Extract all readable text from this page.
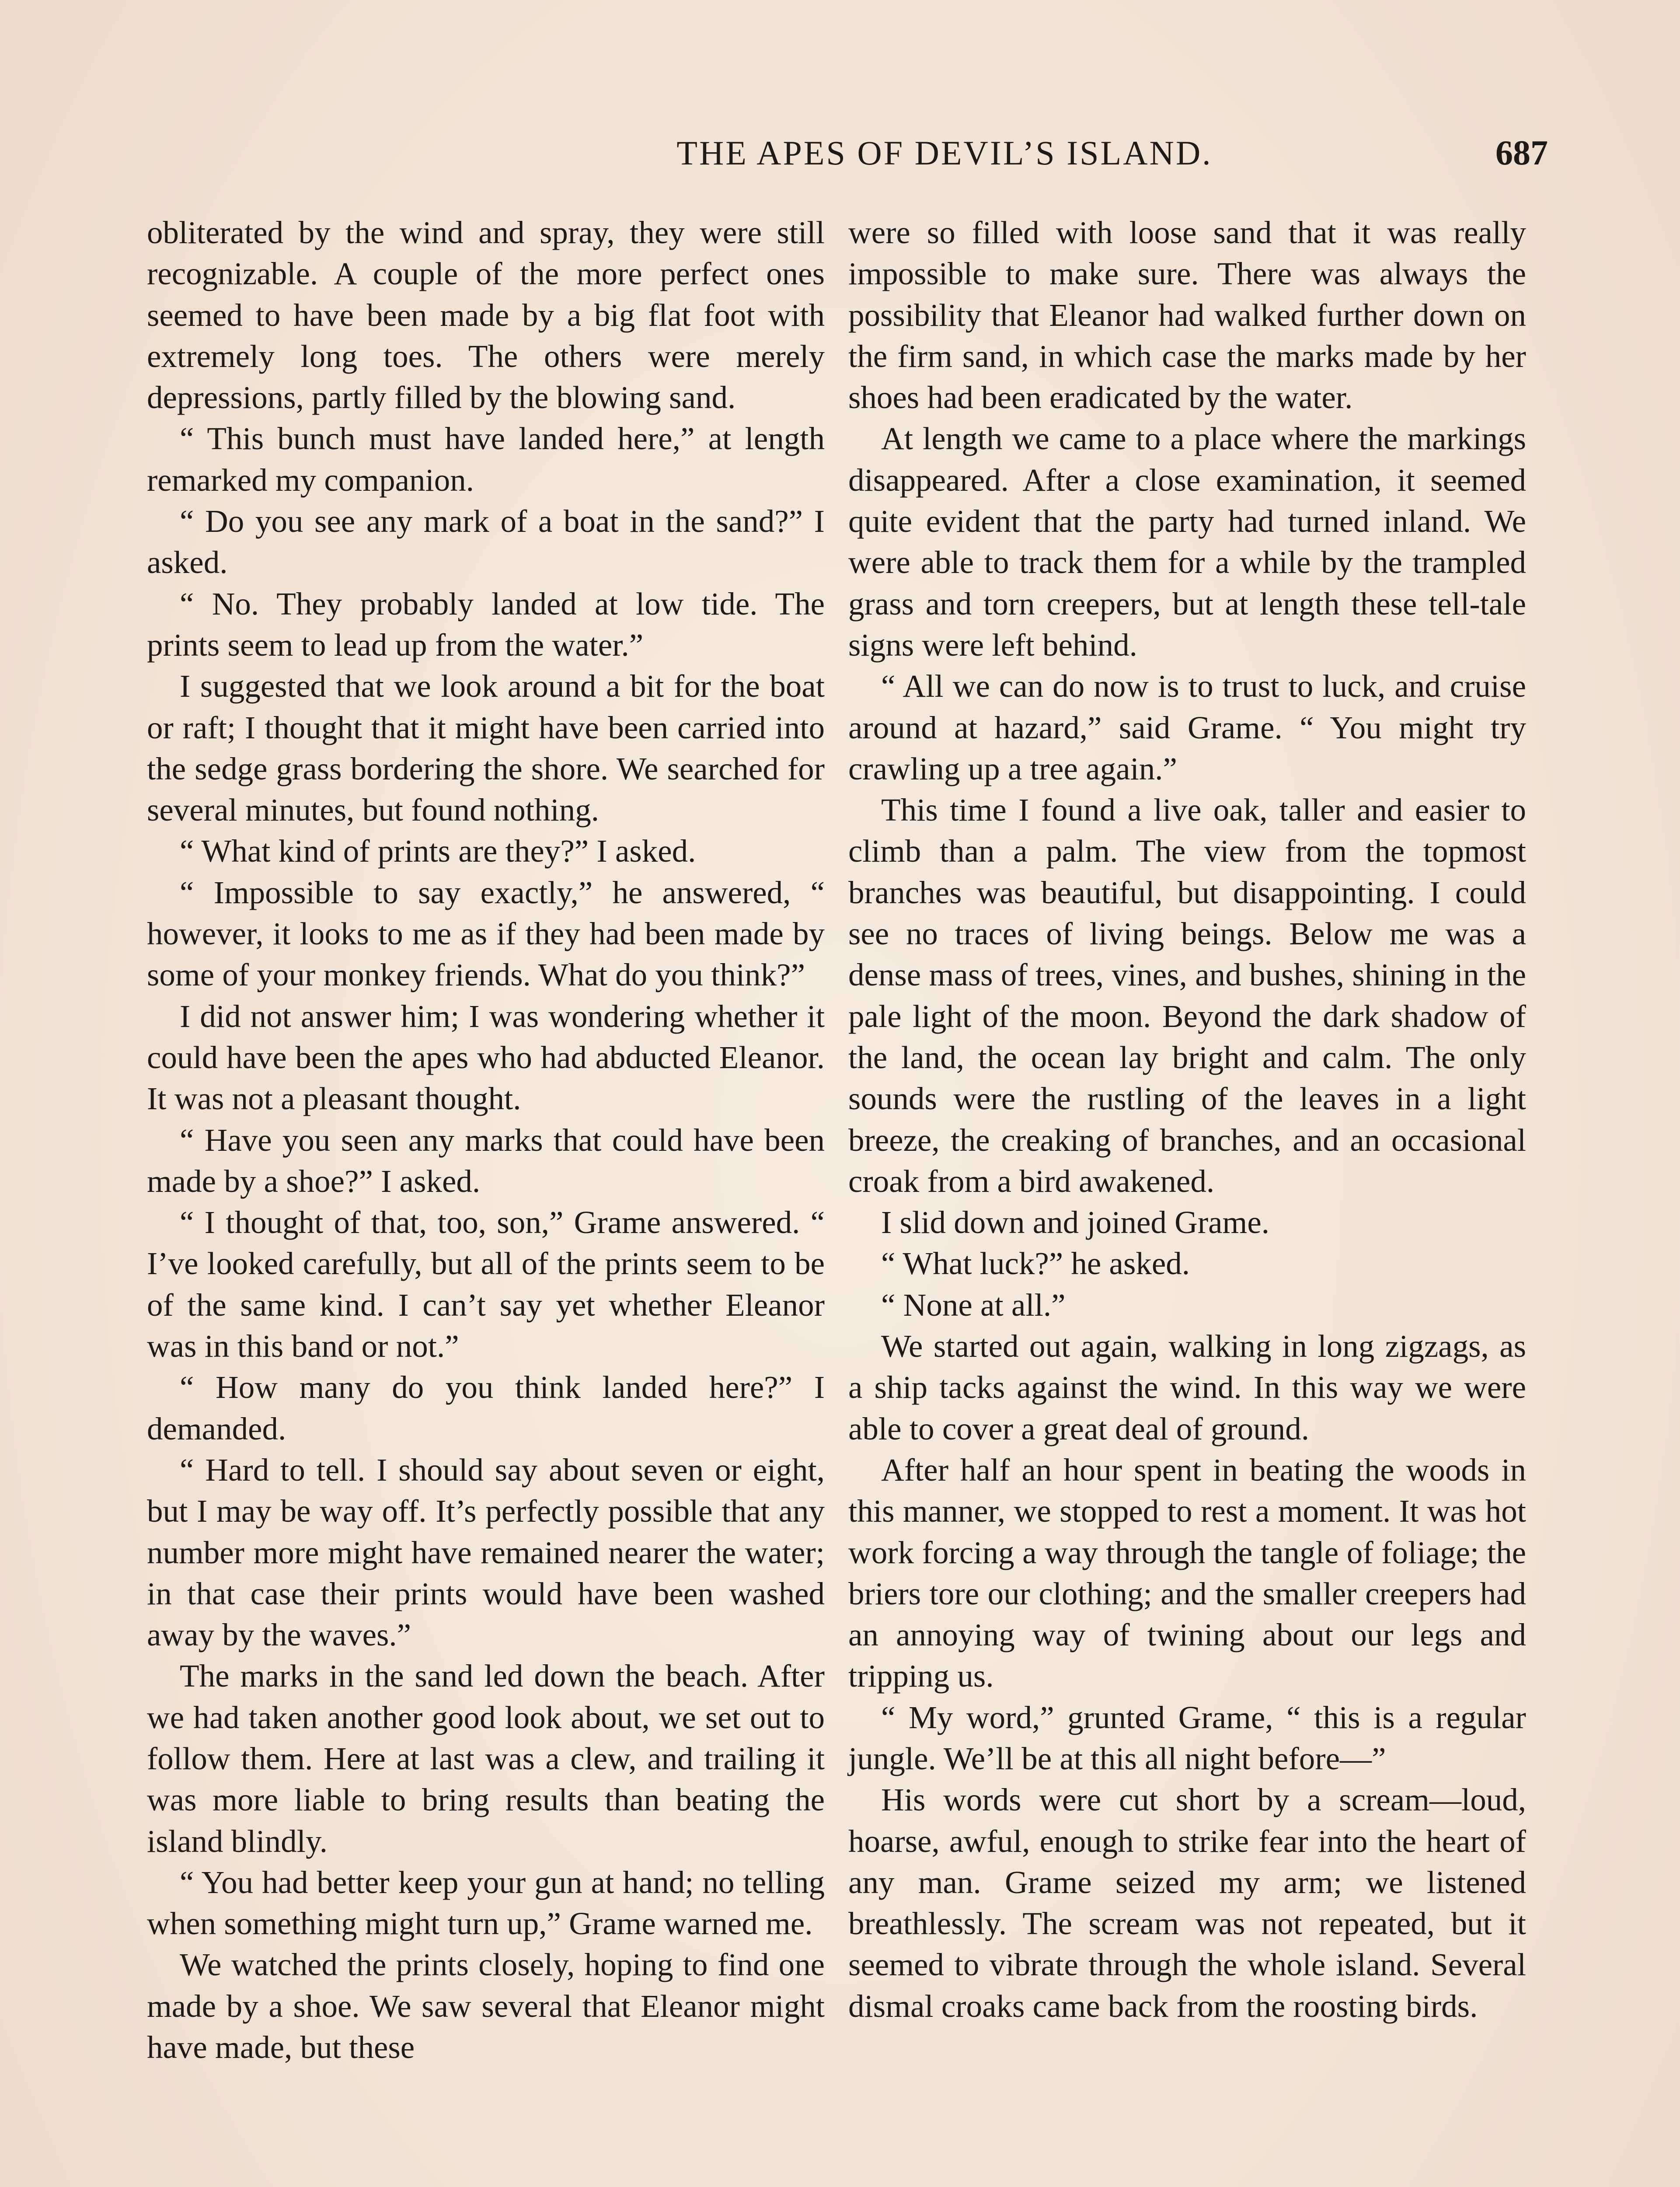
THE APES OF DEVIL’S ISLAND.	687

obliterated by the wind and spray, they were still recognizable. A couple of the more perfect ones seemed to have been made by a big flat foot with extremely long toes. The others were merely depressions, partly filled by the blowing sand.

“ This bunch must have landed here,” at length remarked my companion.

“ Do you see any mark of a boat in the sand?” I asked.

“ No. They probably landed at low tide. The prints seem to lead up from the water.”

I suggested that we look around a bit for the boat or raft; I thought that it might have been carried into the sedge grass bordering the shore. We searched for several minutes, but found nothing.

“ What kind of prints are they?” I asked.

“ Impossible to say exactly,” he answered, “ however, it looks to me as if they had been made by some of your monkey friends. What do you think?”

I did not answer him; I was wondering whether it could have been the apes who had abducted Eleanor. It was not a pleasant thought.

“ Have you seen any marks that could have been made by a shoe?” I asked.

“ I thought of that, too, son,” Grame answered. “ I’ve looked carefully, but all of the prints seem to be of the same kind. I can’t say yet whether Eleanor was in this band or not.”

“ How many do you think landed here?” I demanded.

“ Hard to tell. I should say about seven or eight, but I may be way off. It’s perfectly possible that any number more might have remained nearer the water; in that case their prints would have been washed away by the waves.”

The marks in the sand led down the beach. After we had taken another good look about, we set out to follow them. Here at last was a clew, and trailing it was more liable to bring results than beating the island blindly.

“ You had better keep your gun at hand; no telling when something might turn up,” Grame warned me.

We watched the prints closely, hoping to find one made by a shoe. We saw several that Eleanor might have made, but these

were so filled with loose sand that it was really impossible to make sure. There was always the possibility that Eleanor had walked further down on the firm sand, in which case the marks made by her shoes had been eradicated by the water.

At length we came to a place where the markings disappeared. After a close examination, it seemed quite evident that the party had turned inland. We were able to track them for a while by the trampled grass and torn creepers, but at length these tell-tale signs were left behind.

“ All we can do now is to trust to luck, and cruise around at hazard,” said Grame. “ You might try crawling up a tree again.”

This time I found a live oak, taller and easier to climb than a palm. The view from the topmost branches was beautiful, but disappointing. I could see no traces of living beings. Below me was a dense mass of trees, vines, and bushes, shining in the pale light of the moon. Beyond the dark shadow of the land, the ocean lay bright and calm. The only sounds were the rustling of the leaves in a light breeze, the creaking of branches, and an occasional croak from a bird awakened.

I slid down and joined Grame.

“ What luck?” he asked.

“ None at all.”

We started out again, walking in long zigzags, as a ship tacks against the wind. In this way we were able to cover a great deal of ground.

After half an hour spent in beating the woods in this manner, we stopped to rest a moment. It was hot work forcing a way through the tangle of foliage; the briers tore our clothing; and the smaller creepers had an annoying way of twining about our legs and tripping us.

“ My word,” grunted Grame, “ this is a regular jungle. We’ll be at this all night before—”

His words were cut short by a scream—loud, hoarse, awful, enough to strike fear into the heart of any man. Grame seized my arm; we listened breathlessly. The scream was not repeated, but it seemed to vibrate through the whole island. Several dismal croaks came back from the roosting birds.
